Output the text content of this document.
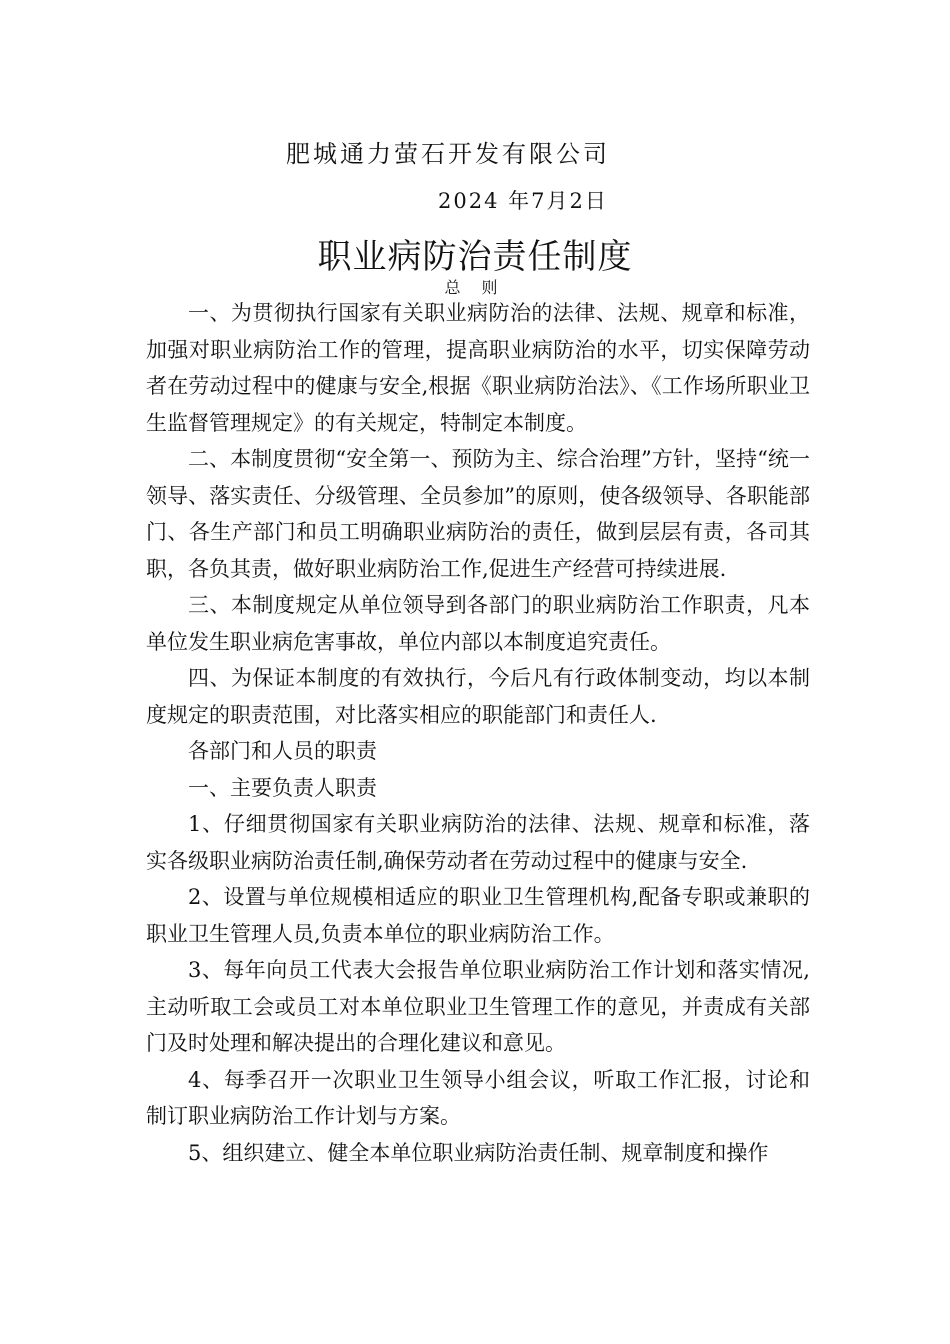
肥城通力萤石开发有限公司
2024 年7月2日
职业病防治责任制度
总 则

一、为贯彻执行国家有关职业病防治的法律、法规、规章和标准，加强对职业病防治工作的管理，提高职业病防治的水平，切实保障劳动者在劳动过程中的健康与安全,根据《职业病防治法》、《工作场所职业卫生监督管理规定》的有关规定，特制定本制度。

二、本制度贯彻“安全第一、预防为主、综合治理”方针，坚持“统一领导、落实责任、分级管理、全员参加”的原则，使各级领导、各职能部门、各生产部门和员工明确职业病防治的责任，做到层层有责，各司其职，各负其责，做好职业病防治工作,促进生产经营可持续进展.

三、本制度规定从单位领导到各部门的职业病防治工作职责，凡本单位发生职业病危害事故，单位内部以本制度追究责任。

四、为保证本制度的有效执行，今后凡有行政体制变动，均以本制度规定的职责范围，对比落实相应的职能部门和责任人.

各部门和人员的职责

一、主要负责人职责

1、仔细贯彻国家有关职业病防治的法律、法规、规章和标准，落实各级职业病防治责任制,确保劳动者在劳动过程中的健康与安全.

2、设置与单位规模相适应的职业卫生管理机构,配备专职或兼职的职业卫生管理人员,负责本单位的职业病防治工作。

3、每年向员工代表大会报告单位职业病防治工作计划和落实情况,主动听取工会或员工对本单位职业卫生管理工作的意见，并责成有关部门及时处理和解决提出的合理化建议和意见。

4、每季召开一次职业卫生领导小组会议，听取工作汇报，讨论和制订职业病防治工作计划与方案。

5、组织建立、健全本单位职业病防治责任制、规章制度和操作
